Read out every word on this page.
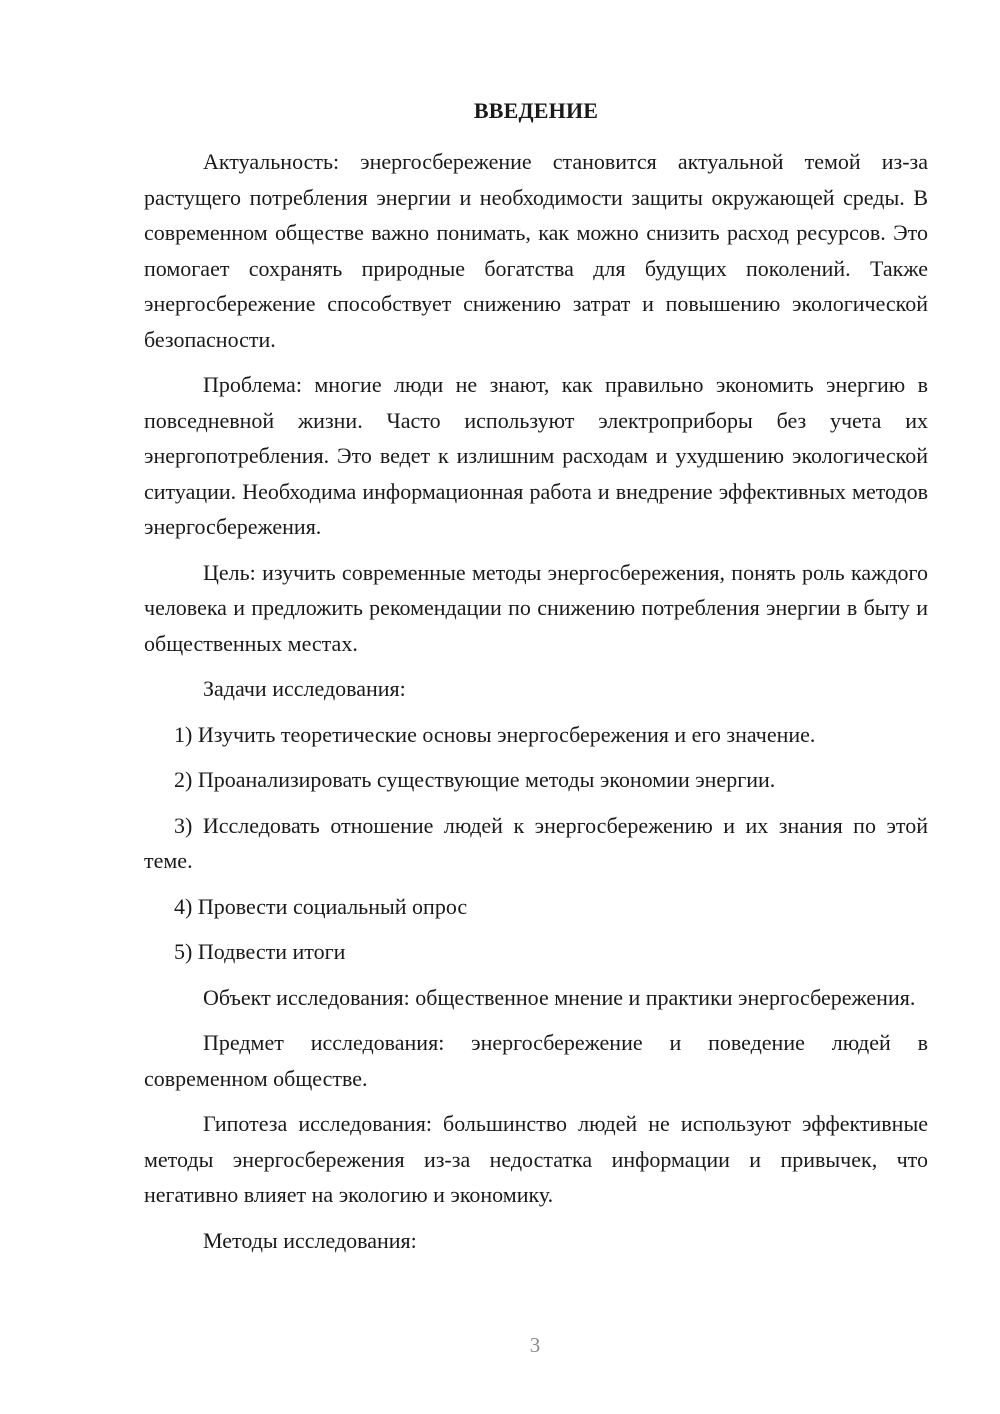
ВВЕДЕНИЕ

Актуальность: энергосбережение становится актуальной темой из-за растущего потребления энергии и необходимости защиты окружающей среды. В современном обществе важно понимать, как можно снизить расход ресурсов. Это помогает сохранять природные богатства для будущих поколений. Также энергосбережение способствует снижению затрат и повышению экологической безопасности.

Проблема: многие люди не знают, как правильно экономить энергию в повседневной жизни. Часто используют электроприборы без учета их энергопотребления. Это ведет к излишним расходам и ухудшению экологической ситуации. Необходима информационная работа и внедрение эффективных методов энергосбережения.

Цель: изучить современные методы энергосбережения, понять роль каждого человека и предложить рекомендации по снижению потребления энергии в быту и общественных местах.

Задачи исследования:

1) Изучить теоретические основы энергосбережения и его значение.

2) Проанализировать существующие методы экономии энергии.

3) Исследовать отношение людей к энергосбережению и их знания по этой теме.

4) Провести социальный опрос

5) Подвести итоги

Объект исследования: общественное мнение и практики энергосбережения.

Предмет исследования: энергосбережение и поведение людей в современном обществе.

Гипотеза исследования: большинство людей не используют эффективные методы энергосбережения из-за недостатка информации и привычек, что негативно влияет на экологию и экономику.

Методы исследования:

3
